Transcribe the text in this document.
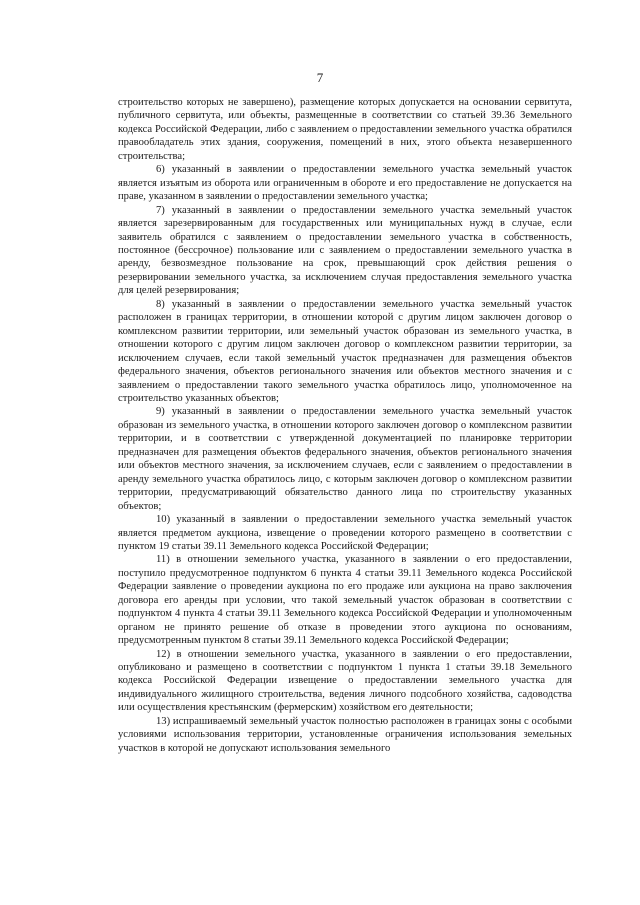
7

строительство которых не завершено), размещение которых допускается на основании сервитута, публичного сервитута, или объекты, размещенные в соответствии со статьей 39.36 Земельного кодекса Российской Федерации, либо с заявлением о предоставлении земельного участка обратился правообладатель этих здания, сооружения, помещений в них, этого объекта незавершенного строительства;

6) указанный в заявлении о предоставлении земельного участка земельный участок является изъятым из оборота или ограниченным в обороте и его предоставление не допускается на праве, указанном в заявлении о предоставлении земельного участка;

7) указанный в заявлении о предоставлении земельного участка земельный участок является зарезервированным для государственных или муниципальных нужд в случае, если заявитель обратился с заявлением о предоставлении земельного участка в собственность, постоянное (бессрочное) пользование или с заявлением о предоставлении земельного участка в аренду, безвозмездное пользование на срок, превышающий срок действия решения о резервировании земельного участка, за исключением случая предоставления земельного участка для целей резервирования;

8) указанный в заявлении о предоставлении земельного участка земельный участок расположен в границах территории, в отношении которой с другим лицом заключен договор о комплексном развитии территории, или земельный участок образован из земельного участка, в отношении которого с другим лицом заключен договор о комплексном развитии территории, за исключением случаев, если такой земельный участок предназначен для размещения объектов федерального значения, объектов регионального значения или объектов местного значения и с заявлением о предоставлении такого земельного участка обратилось лицо, уполномоченное на строительство указанных объектов;

9) указанный в заявлении о предоставлении земельного участка земельный участок образован из земельного участка, в отношении которого заключен договор о комплексном развитии территории, и в соответствии с утвержденной документацией по планировке территории предназначен для размещения объектов федерального значения, объектов регионального значения или объектов местного значения, за исключением случаев, если с заявлением о предоставлении в аренду земельного участка обратилось лицо, с которым заключен договор о комплексном развитии территории, предусматривающий обязательство данного лица по строительству указанных объектов;

10) указанный в заявлении о предоставлении земельного участка земельный участок является предметом аукциона, извещение о проведении которого размещено в соответствии с пунктом 19 статьи 39.11 Земельного кодекса Российской Федерации;

11) в отношении земельного участка, указанного в заявлении о его предоставлении, поступило предусмотренное подпунктом 6 пункта 4 статьи 39.11 Земельного кодекса Российской Федерации заявление о проведении аукциона по его продаже или аукциона на право заключения договора его аренды при условии, что такой земельный участок образован в соответствии с подпунктом 4 пункта 4 статьи 39.11 Земельного кодекса Российской Федерации и уполномоченным органом не принято решение об отказе в проведении этого аукциона по основаниям, предусмотренным пунктом 8 статьи 39.11 Земельного кодекса Российской Федерации;

12) в отношении земельного участка, указанного в заявлении о его предоставлении, опубликовано и размещено в соответствии с подпунктом 1 пункта 1 статьи 39.18 Земельного кодекса Российской Федерации извещение о предоставлении земельного участка для индивидуального жилищного строительства, ведения личного подсобного хозяйства, садоводства или осуществления крестьянским (фермерским) хозяйством его деятельности;

13) испрашиваемый земельный участок полностью расположен в границах зоны с особыми условиями использования территории, установленные ограничения использования земельных участков в которой не допускают использования земельного
